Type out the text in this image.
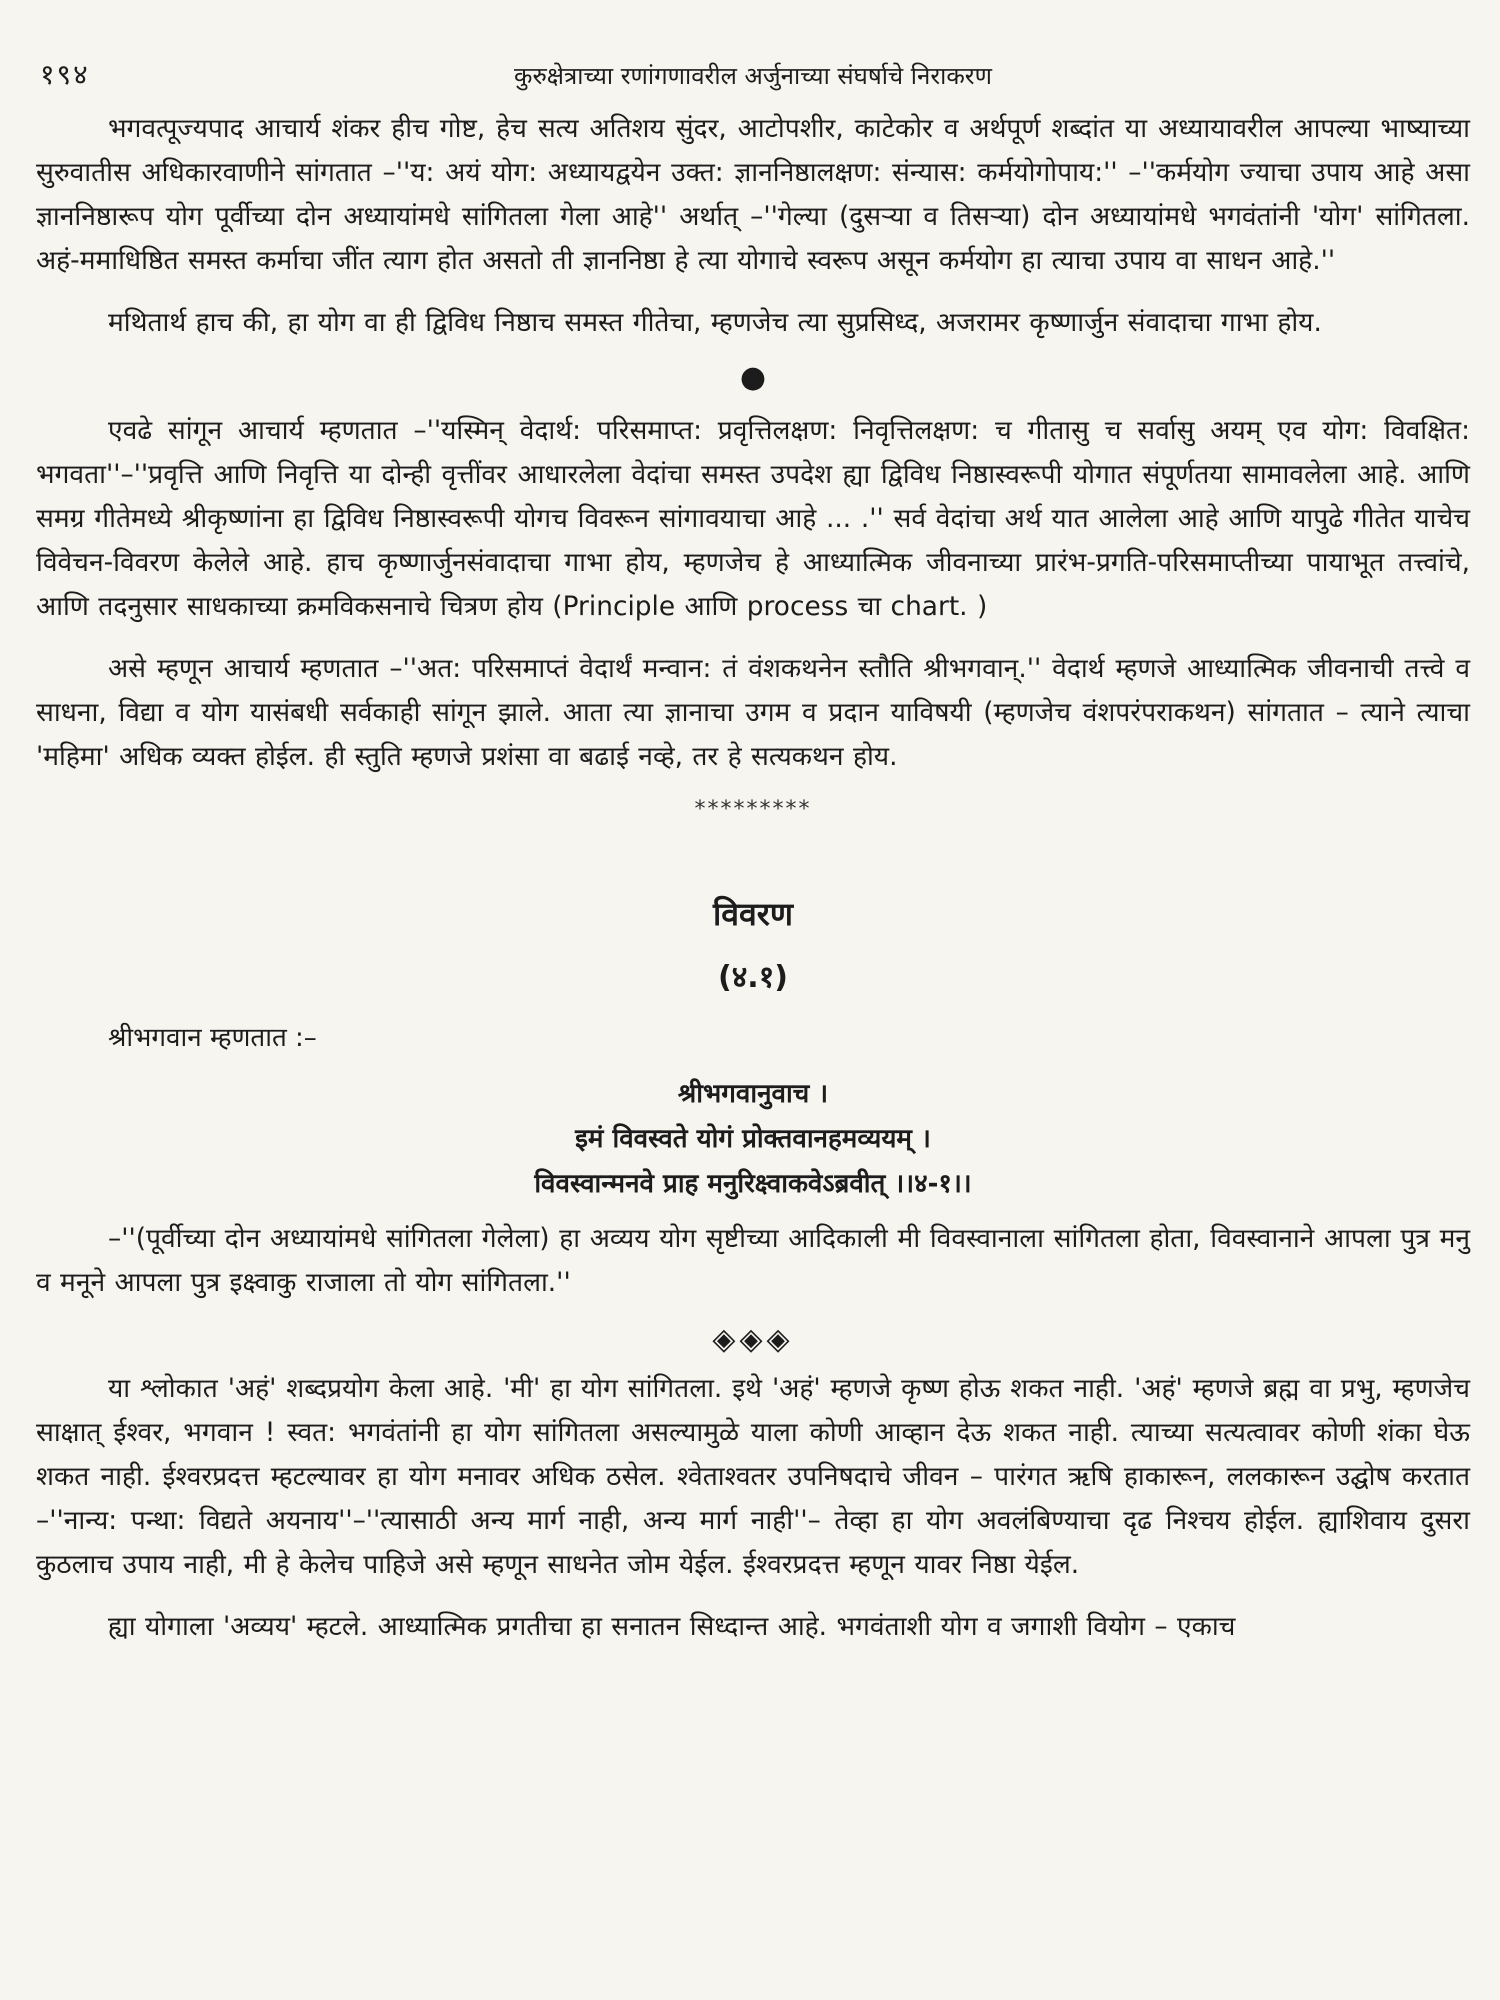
१९४	कुरुक्षेत्राच्या रणांगणावरील अर्जुनाच्या संघर्षाचे निराकरण

भगवत्पूज्यपाद आचार्य शंकर हीच गोष्ट, हेच सत्य अतिशय सुंदर, आटोपशीर, काटेकोर व अर्थपूर्ण शब्दांत या अध्यायावरील आपल्या भाष्याच्या सुरुवातीस अधिकारवाणीने सांगतात –''य: अयं योग: अध्यायद्वयेन उक्त: ज्ञाननिष्ठालक्षण: संन्यास: कर्मयोगोपाय:'' –''कर्मयोग ज्याचा उपाय आहे असा ज्ञाननिष्ठारूप योग पूर्वीच्या दोन अध्यायांमधे सांगितला गेला आहे'' अर्थात् –''गेल्या (दुसऱ्या व तिसऱ्या) दोन अध्यायांमधे भगवंतांनी 'योग' सांगितला. अहं-ममाधिष्ठित समस्त कर्माचा जींत त्याग होत असतो ती ज्ञाननिष्ठा हे त्या योगाचे स्वरूप असून कर्मयोग हा त्याचा उपाय वा साधन आहे.''

मथितार्थ हाच की, हा योग वा ही द्विविध निष्ठाच समस्त गीतेचा, म्हणजेच त्या सुप्रसिध्द, अजरामर कृष्णार्जुन संवादाचा गाभा होय.

●

एवढे सांगून आचार्य म्हणतात –''यस्मिन् वेदार्थ: परिसमाप्त: प्रवृत्तिलक्षण: निवृत्तिलक्षण: च गीतासु च सर्वासु अयम् एव योग: विवक्षित: भगवता''–''प्रवृत्ति आणि निवृत्ति या दोन्ही वृत्तींवर आधारलेला वेदांचा समस्त उपदेश ह्या द्विविध निष्ठास्वरूपी योगात संपूर्णतया सामावलेला आहे. आणि समग्र गीतेमध्ये श्रीकृष्णांना हा द्विविध निष्ठास्वरूपी योगच विवरून सांगावयाचा आहे ... .'' सर्व वेदांचा अर्थ यात आलेला आहे आणि यापुढे गीतेत याचेच विवेचन-विवरण केलेले आहे. हाच कृष्णार्जुनसंवादाचा गाभा होय, म्हणजेच हे आध्यात्मिक जीवनाच्या प्रारंभ-प्रगति-परिसमाप्तीच्या पायाभूत तत्त्वांचे, आणि तदनुसार साधकाच्या क्रमविकसनाचे चित्रण होय (Principle आणि process चा chart. )

असे म्हणून आचार्य म्हणतात –''अत: परिसमाप्तं वेदार्थं मन्वान: तं वंशकथनेन स्तौति श्रीभगवान्.'' वेदार्थ म्हणजे आध्यात्मिक जीवनाची तत्त्वे व साधना, विद्या व योग यासंबधी सर्वकाही सांगून झाले. आता त्या ज्ञानाचा उगम व प्रदान याविषयी (म्हणजेच वंशपरंपराकथन) सांगतात – त्याने त्याचा 'महिमा' अधिक व्यक्त होईल. ही स्तुति म्हणजे प्रशंसा वा बढाई नव्हे, तर हे सत्यकथन होय.

*********
विवरण
(४.१)
श्रीभगवान म्हणतात :–
श्रीभगवानुवाच ।
इमं विवस्वते योगं प्रोक्तवानहमव्ययम् ।
विवस्वान्मनवे प्राह मनुरिक्ष्वाकवेऽब्रवीत् ।।४-१।।

–''(पूर्वीच्या दोन अध्यायांमधे सांगितला गेलेला) हा अव्यय योग सृष्टीच्या आदिकाली मी विवस्वानाला सांगितला होता, विवस्वानाने आपला पुत्र मनु व मनूने आपला पुत्र इक्ष्वाकु राजाला तो योग सांगितला.''

◈◈◈

या श्लोकात 'अहं' शब्दप्रयोग केला आहे. 'मी' हा योग सांगितला. इथे 'अहं' म्हणजे कृष्ण होऊ शकत नाही. 'अहं' म्हणजे ब्रह्म वा प्रभु, म्हणजेच साक्षात् ईश्वर, भगवान ! स्वत: भगवंतांनी हा योग सांगितला असल्यामुळे याला कोणी आव्हान देऊ शकत नाही. त्याच्या सत्यत्वावर कोणी शंका घेऊ शकत नाही. ईश्वरप्रदत्त म्हटल्यावर हा योग मनावर अधिक ठसेल. श्वेताश्वतर उपनिषदाचे जीवन – पारंगत ऋषि हाकारून, ललकारून उद्घोष करतात –''नान्य: पन्था: विद्यते अयनाय''–''त्यासाठी अन्य मार्ग नाही, अन्य मार्ग नाही''– तेव्हा हा योग अवलंबिण्याचा दृढ निश्चय होईल. ह्याशिवाय दुसरा कुठलाच उपाय नाही, मी हे केलेच पाहिजे असे म्हणून साधनेत जोम येईल. ईश्वरप्रदत्त म्हणून यावर निष्ठा येईल.

ह्या योगाला 'अव्यय' म्हटले. आध्यात्मिक प्रगतीचा हा सनातन सिध्दान्त आहे. भगवंताशी योग व जगाशी वियोग – एकाच
